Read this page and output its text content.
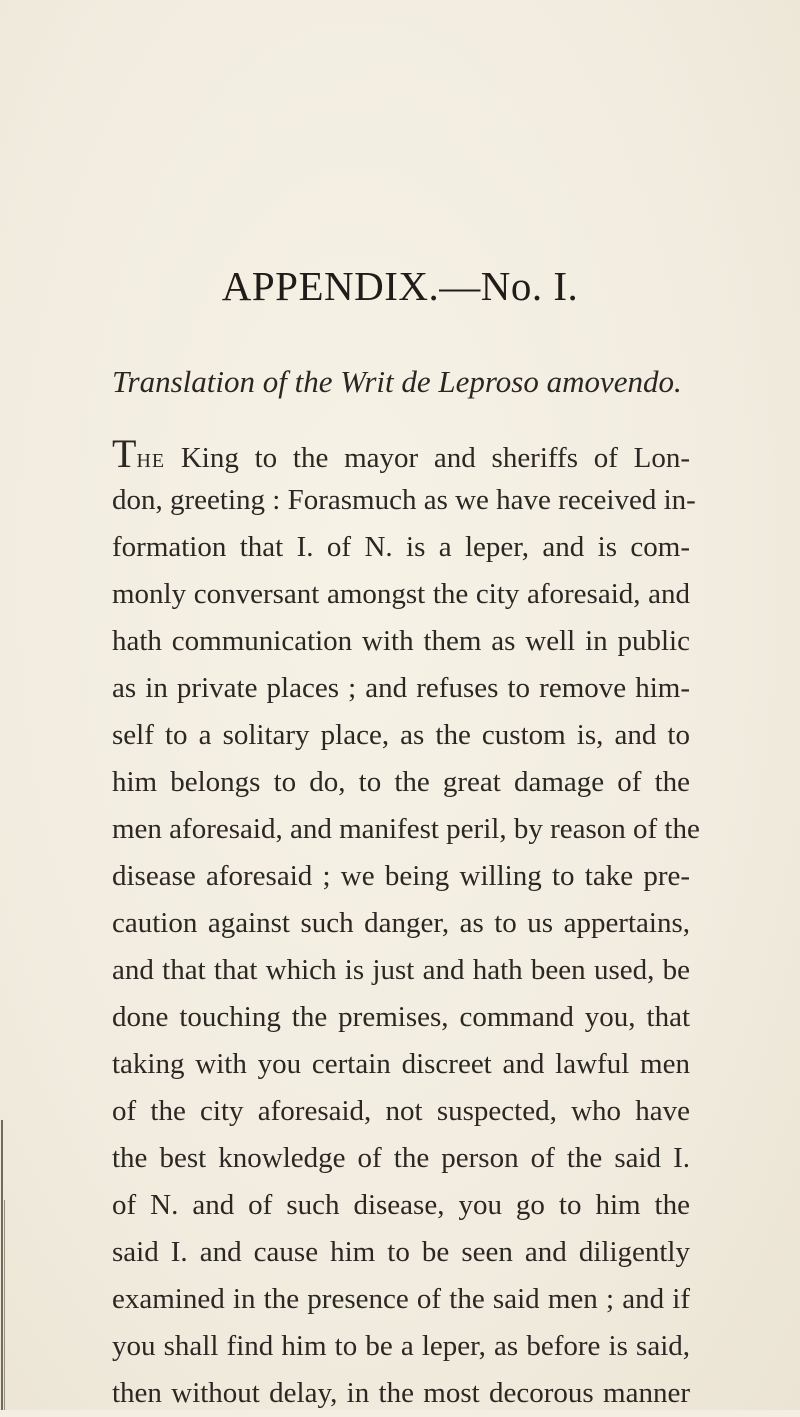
APPENDIX.—No. I.
Translation of the Writ de Leproso amovendo.
The King to the mayor and sheriffs of Lon-
don, greeting : Forasmuch as we have received in-
formation that I. of N. is a leper, and is com-
monly conversant amongst the city aforesaid, and
hath communication with them as well in public
as in private places ; and refuses to remove him-
self to a solitary place, as the custom is, and to
him belongs to do, to the great damage of the
men aforesaid, and manifest peril, by reason of the
disease aforesaid ; we being willing to take pre-
caution against such danger, as to us appertains,
and that that which is just and hath been used, be
done touching the premises, command you, that
taking with you certain discreet and lawful men
of the city aforesaid, not suspected, who have
the best knowledge of the person of the said I.
of N. and of such disease, you go to him the
said I. and cause him to be seen and diligently
examined in the presence of the said men ; and if
you shall find him to be a leper, as before is said,
then without delay, in the most decorous manner
